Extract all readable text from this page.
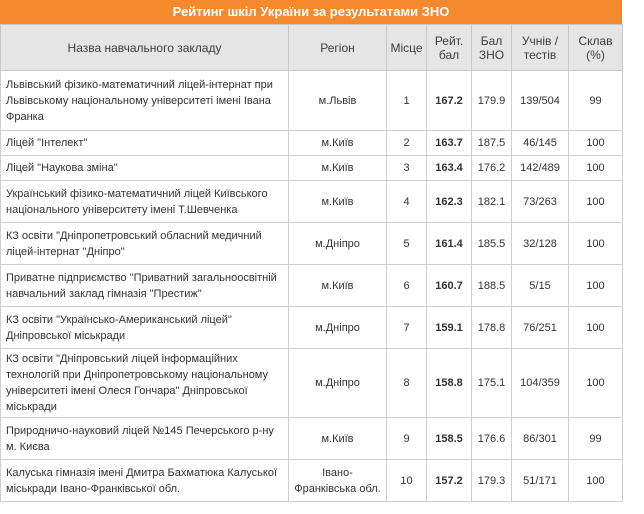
Рейтинг шкіл України за результатами ЗНО
Назва навчального закладу	Регіон	Місце	Рейт. бал	Бал ЗНО	Учнів / тестів	Склав (%)
Львівський фізико-математичний ліцей-інтернат при Львівському національному університеті імені Івана Франка	м.Львів	1	167.2	179.9	139/504	99
Ліцей "Інтелект"	м.Київ	2	163.7	187.5	46/145	100
Ліцей "Наукова зміна"	м.Київ	3	163.4	176.2	142/489	100
Український фізико-математичний ліцей Київського національного університету імені Т.Шевченка	м.Київ	4	162.3	182.1	73/263	100
КЗ освіти "Дніпропетровський обласний медичний ліцей-інтернат "Дніпро"	м.Дніпро	5	161.4	185.5	32/128	100
Приватне підприємство "Приватний загальноосвітній навчальний заклад гімназія "Престиж"	м.Київ	6	160.7	188.5	5/15	100
КЗ освіти "Українсько-Американський ліцей" Дніпровської міськради	м.Дніпро	7	159.1	178.8	76/251	100
КЗ освіти "Дніпровський ліцей інформаційних технологій при Дніпропетровському національному університеті імені Олеся Гончара" Дніпровської міськради	м.Дніпро	8	158.8	175.1	104/359	100
Природничо-науковий ліцей №145 Печерського р-ну м. Києва	м.Київ	9	158.5	176.6	86/301	99
Калуська гімназія імені Дмитра Бахматюка Калуської міськради Івано-Франківської обл.	Івано-Франківська обл.	10	157.2	179.3	51/171	100
